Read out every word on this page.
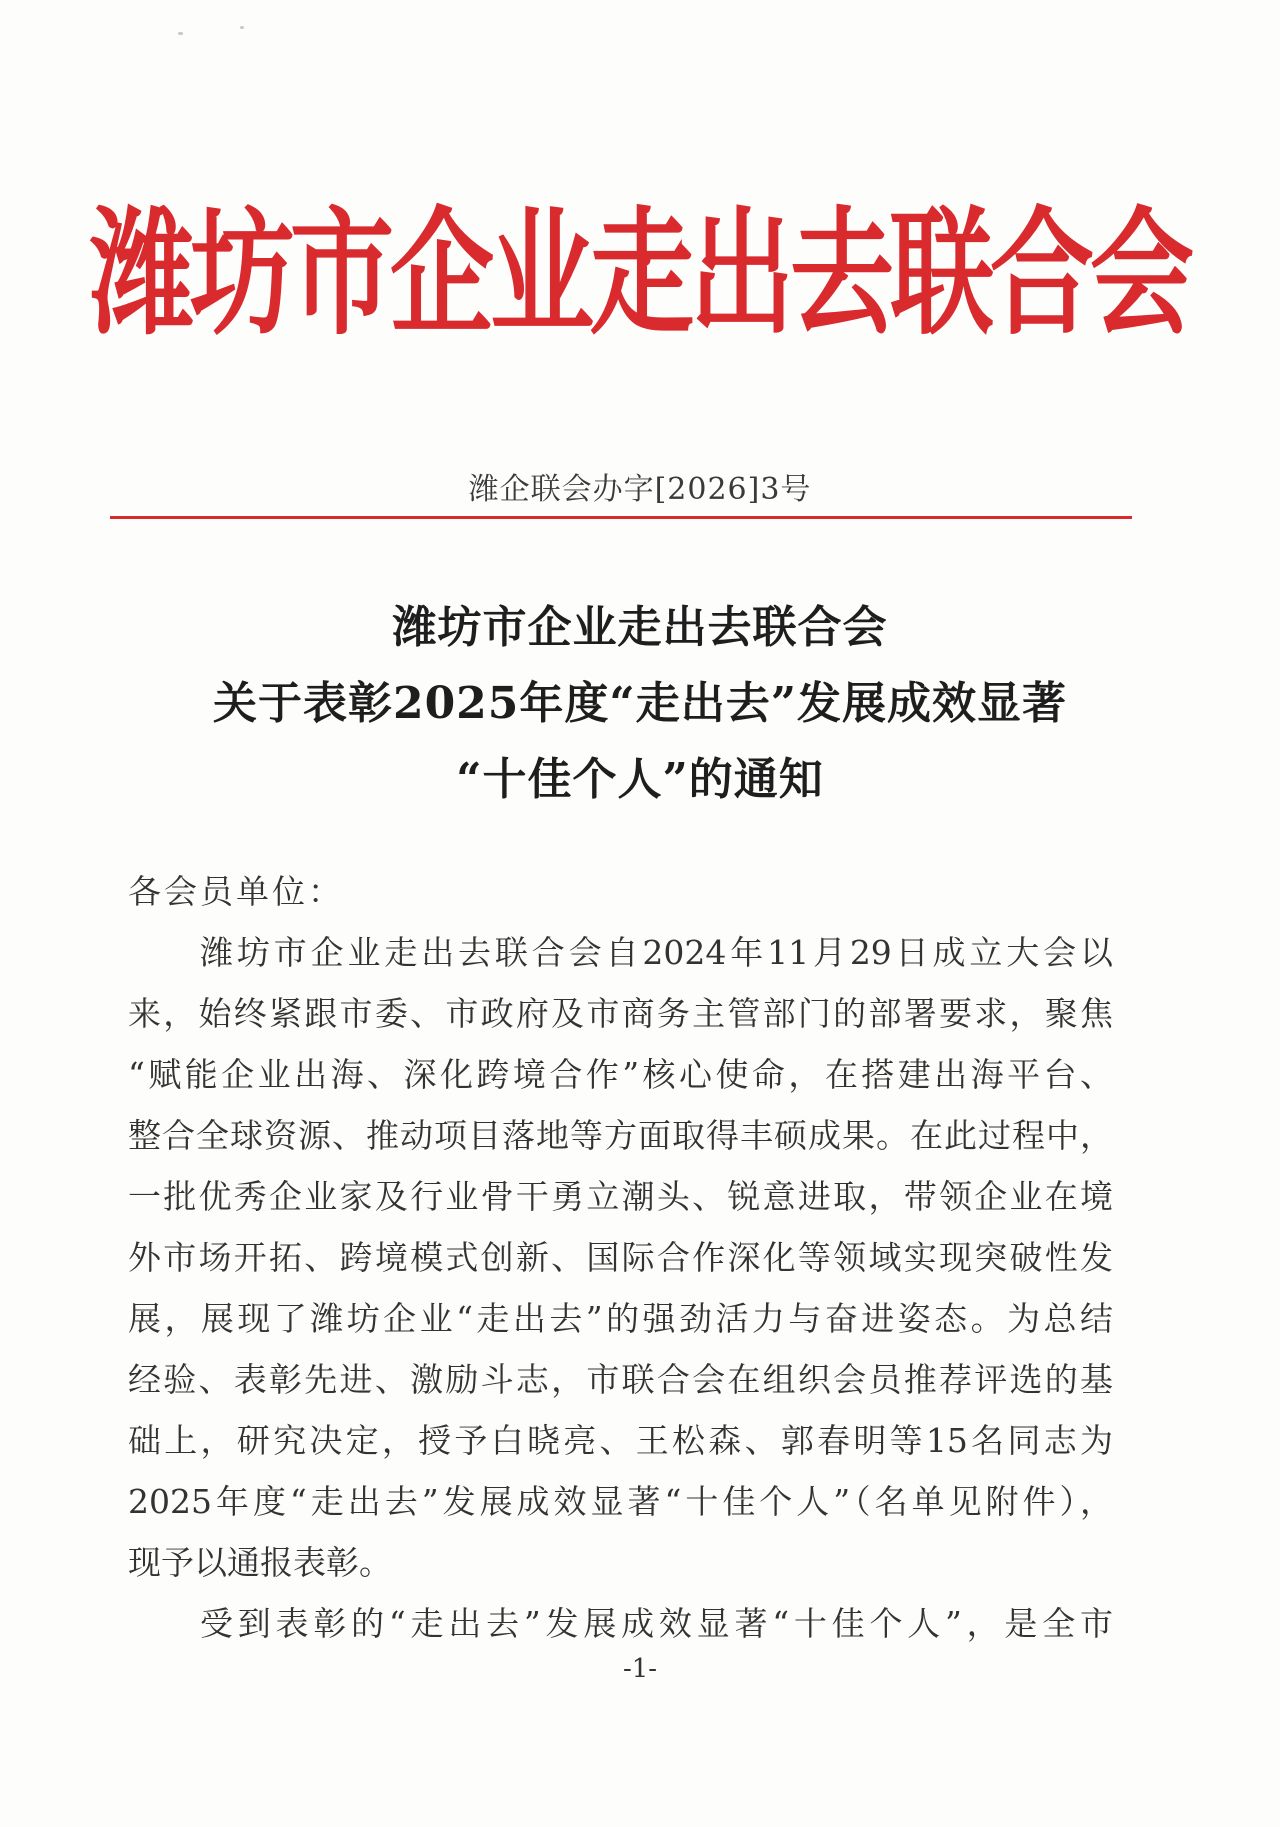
潍坊市企业走出去联合会
潍企联会办字[2026]3号
潍坊市企业走出去联合会
关于表彰2025年度“走出去”发展成效显著
“十佳个人”的通知
各会员单位：
潍坊市企业走出去联合会自2024年11月29日成立大会以
来，始终紧跟市委、市政府及市商务主管部门的部署要求，聚焦
“赋能企业出海、深化跨境合作”核心使命，在搭建出海平台、
整合全球资源、推动项目落地等方面取得丰硕成果。在此过程中，
一批优秀企业家及行业骨干勇立潮头、锐意进取，带领企业在境
外市场开拓、跨境模式创新、国际合作深化等领域实现突破性发
展，展现了潍坊企业“走出去”的强劲活力与奋进姿态。为总结
经验、表彰先进、激励斗志，市联合会在组织会员推荐评选的基
础上，研究决定，授予白晓亮、王松森、郭春明等15名同志为
2025年度“走出去”发展成效显著“十佳个人”（名单见附件），
现予以通报表彰。
受到表彰的“走出去”发展成效显著“十佳个人”，是全市
-1-
